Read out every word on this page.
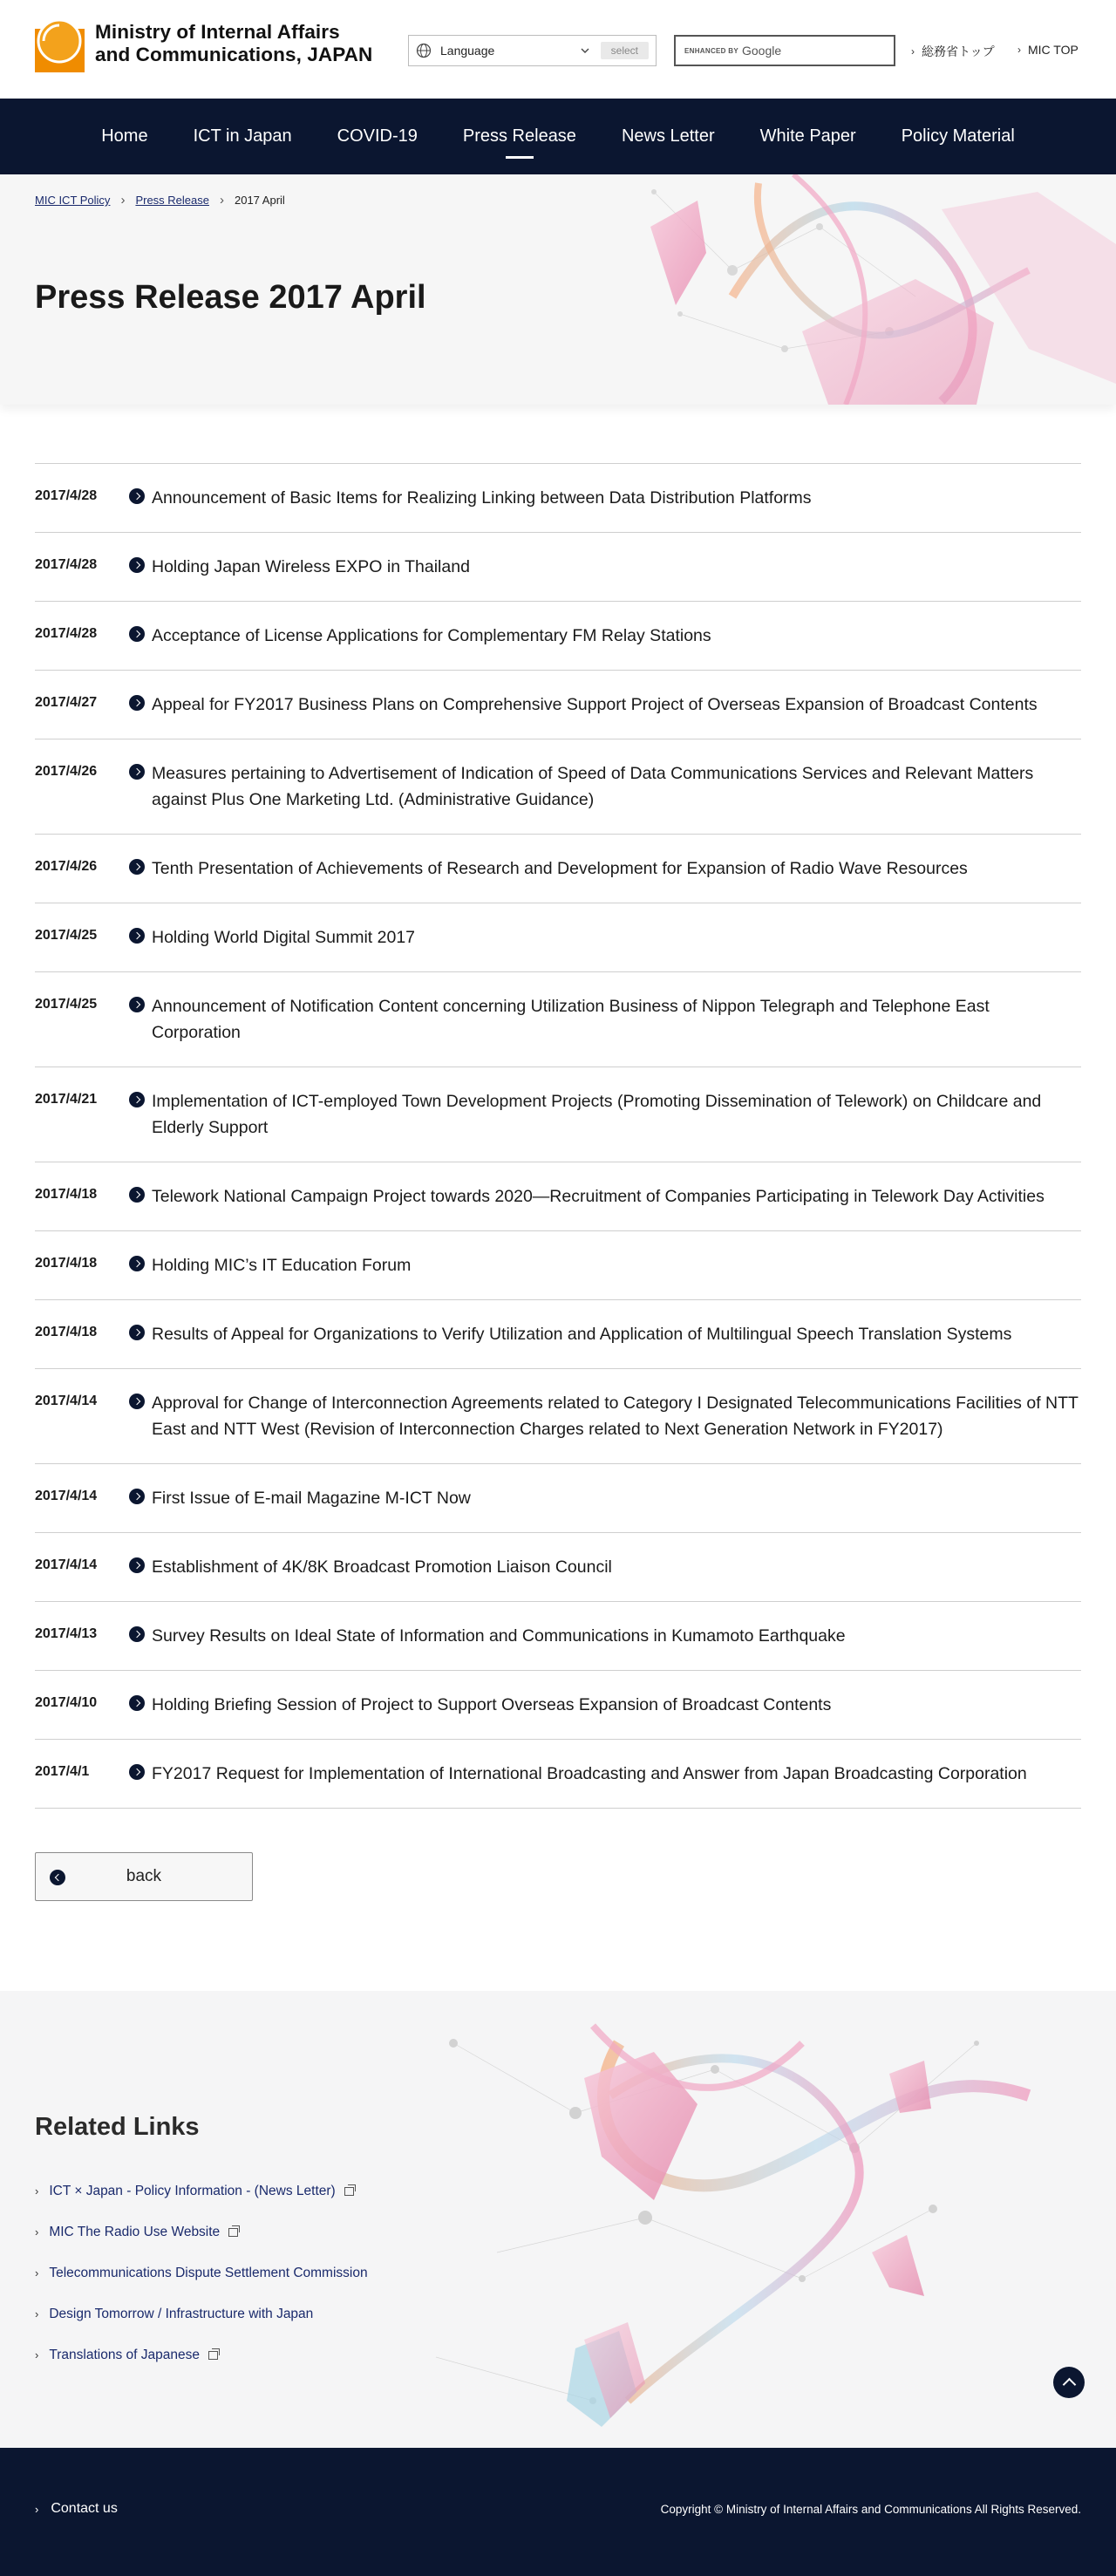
Ministry of Internal Affairs
and Communications, JAPAN	Language	select	ENHANCED BY Google	› 総務省トップ › MIC TOP
Home	ICT in Japan	COVID-19	Press Release	News Letter	White Paper	Policy Material
MIC ICT Policy › Press Release › 2017 April
Press Release 2017 April
2017/4/28	Announcement of Basic Items for Realizing Linking between Data Distribution Platforms
2017/4/28	Holding Japan Wireless EXPO in Thailand
2017/4/28	Acceptance of License Applications for Complementary FM Relay Stations
2017/4/27	Appeal for FY2017 Business Plans on Comprehensive Support Project of Overseas Expansion of Broadcast Contents
2017/4/26	Measures pertaining to Advertisement of Indication of Speed of Data Communications Services and Relevant Matters against Plus One Marketing Ltd. (Administrative Guidance)
2017/4/26	Tenth Presentation of Achievements of Research and Development for Expansion of Radio Wave Resources
2017/4/25	Holding World Digital Summit 2017
2017/4/25	Announcement of Notification Content concerning Utilization Business of Nippon Telegraph and Telephone East Corporation
2017/4/21	Implementation of ICT-employed Town Development Projects (Promoting Dissemination of Telework) on Childcare and Elderly Support
2017/4/18	Telework National Campaign Project towards 2020—Recruitment of Companies Participating in Telework Day Activities
2017/4/18	Holding MIC’s IT Education Forum
2017/4/18	Results of Appeal for Organizations to Verify Utilization and Application of Multilingual Speech Translation Systems
2017/4/14	Approval for Change of Interconnection Agreements related to Category I Designated Telecommunications Facilities of NTT East and NTT West (Revision of Interconnection Charges related to Next Generation Network in FY2017)
2017/4/14	First Issue of E-mail Magazine M-ICT Now
2017/4/14	Establishment of 4K/8K Broadcast Promotion Liaison Council
2017/4/13	Survey Results on Ideal State of Information and Communications in Kumamoto Earthquake
2017/4/10	Holding Briefing Session of Project to Support Overseas Expansion of Broadcast Contents
2017/4/1	FY2017 Request for Implementation of International Broadcasting and Answer from Japan Broadcasting Corporation
back
Related Links
› ICT × Japan - Policy Information - (News Letter)
› MIC The Radio Use Website
› Telecommunications Dispute Settlement Commission
› Design Tomorrow / Infrastructure with Japan
› Translations of Japanese
› Contact us	Copyright © Ministry of Internal Affairs and Communications All Rights Reserved.
